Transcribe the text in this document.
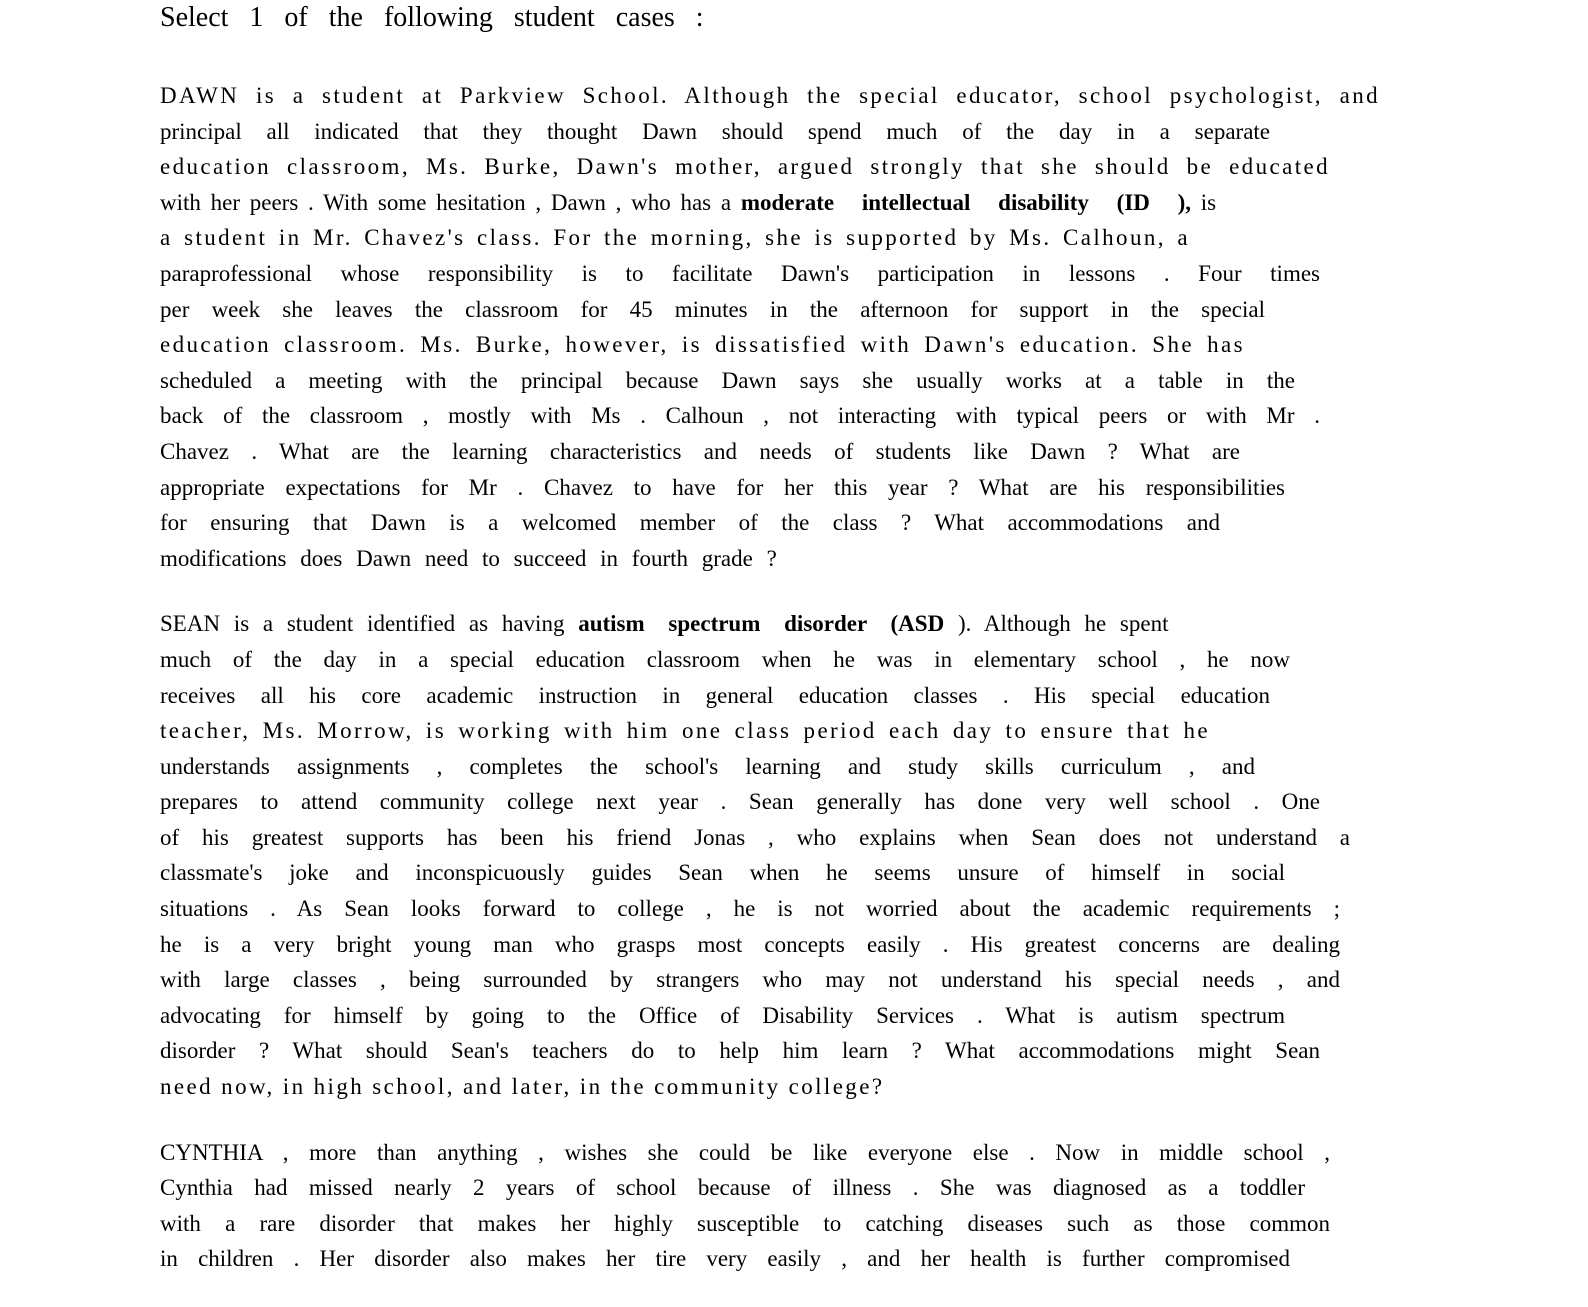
Select 1 of the following student cases :
DAWN is a student at Parkview School. Although the special educator, school psychologist, and
principal all indicated that they thought Dawn should spend much of the day in a separate
education classroom, Ms. Burke, Dawn's mother, argued strongly that she should be educated
with her peers . With some hesitation , Dawn , who has a moderate intellectual disability (ID ), is
a student in Mr. Chavez's class. For the morning, she is supported by Ms. Calhoun, a
paraprofessional whose responsibility is to facilitate Dawn's participation in lessons . Four times
per week she leaves the classroom for 45 minutes in the afternoon for support in the special
education classroom. Ms. Burke, however, is dissatisfied with Dawn's education. She has
scheduled a meeting with the principal because Dawn says she usually works at a table in the
back of the classroom , mostly with Ms . Calhoun , not interacting with typical peers or with Mr .
Chavez . What are the learning characteristics and needs of students like Dawn ? What are
appropriate expectations for Mr . Chavez to have for her this year ? What are his responsibilities
for ensuring that Dawn is a welcomed member of the class ? What accommodations and
modifications does Dawn need to succeed in fourth grade ?
SEAN is a student identified as having autism spectrum disorder (ASD ). Although he spent
much of the day in a special education classroom when he was in elementary school , he now
receives all his core academic instruction in general education classes . His special education
teacher, Ms. Morrow, is working with him one class period each day to ensure that he
understands assignments , completes the school's learning and study skills curriculum , and
prepares to attend community college next year . Sean generally has done very well school . One
of his greatest supports has been his friend Jonas , who explains when Sean does not understand a
classmate's joke and inconspicuously guides Sean when he seems unsure of himself in social
situations . As Sean looks forward to college , he is not worried about the academic requirements ;
he is a very bright young man who grasps most concepts easily . His greatest concerns are dealing
with large classes , being surrounded by strangers who may not understand his special needs , and
advocating for himself by going to the Office of Disability Services . What is autism spectrum
disorder ? What should Sean's teachers do to help him learn ? What accommodations might Sean
need now, in high school, and later, in the community college?
CYNTHIA , more than anything , wishes she could be like everyone else . Now in middle school ,
Cynthia had missed nearly 2 years of school because of illness . She was diagnosed as a toddler
with a rare disorder that makes her highly susceptible to catching diseases such as those common
in children . Her disorder also makes her tire very easily , and her health is further compromised
